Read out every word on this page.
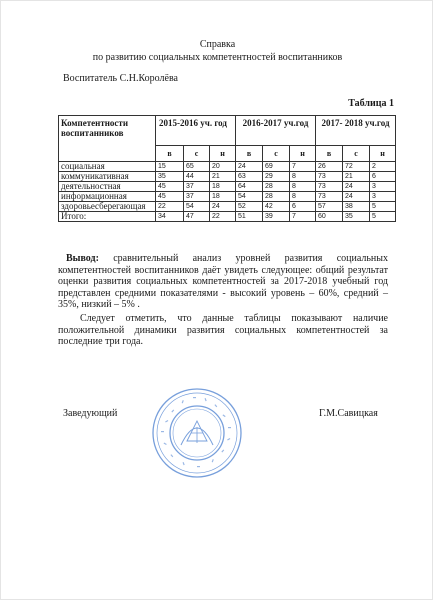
Справка
по развитию социальных компетентностей воспитанников
Воспитатель С.Н.Королёва
Таблица 1
Компетентности воспитанников	2015-2016 уч. год			2016-2017 уч.год			2017- 2018 уч.год		
	в	с	н	в	с	н	в	с	н
социальная	15	65	20	24	69	7	26	72	2
коммуникативная	35	44	21	63	29	8	73	21	6
деятельностная	45	37	18	64	28	8	73	24	3
информационная	45	37	18	54	28	8	73	24	3
здоровьесберегающая	22	54	24	52	42	6	57	38	5
Итого:	34	47	22	51	39	7	60	35	5
Вывод: сравнительный анализ уровней развития социальных компетентностей воспитанников даёт увидеть следующее: общий результат оценки развития социальных компетентностей за 2017-2018 учебный год представлен средними показателями - высокий уровень – 60%, средний – 35%, низкий – 5% .
Следует отметить, что данные таблицы показывают наличие положительной динамики развития социальных компетентностей за последние три года.
Заведующий	Г.М.Савицкая
